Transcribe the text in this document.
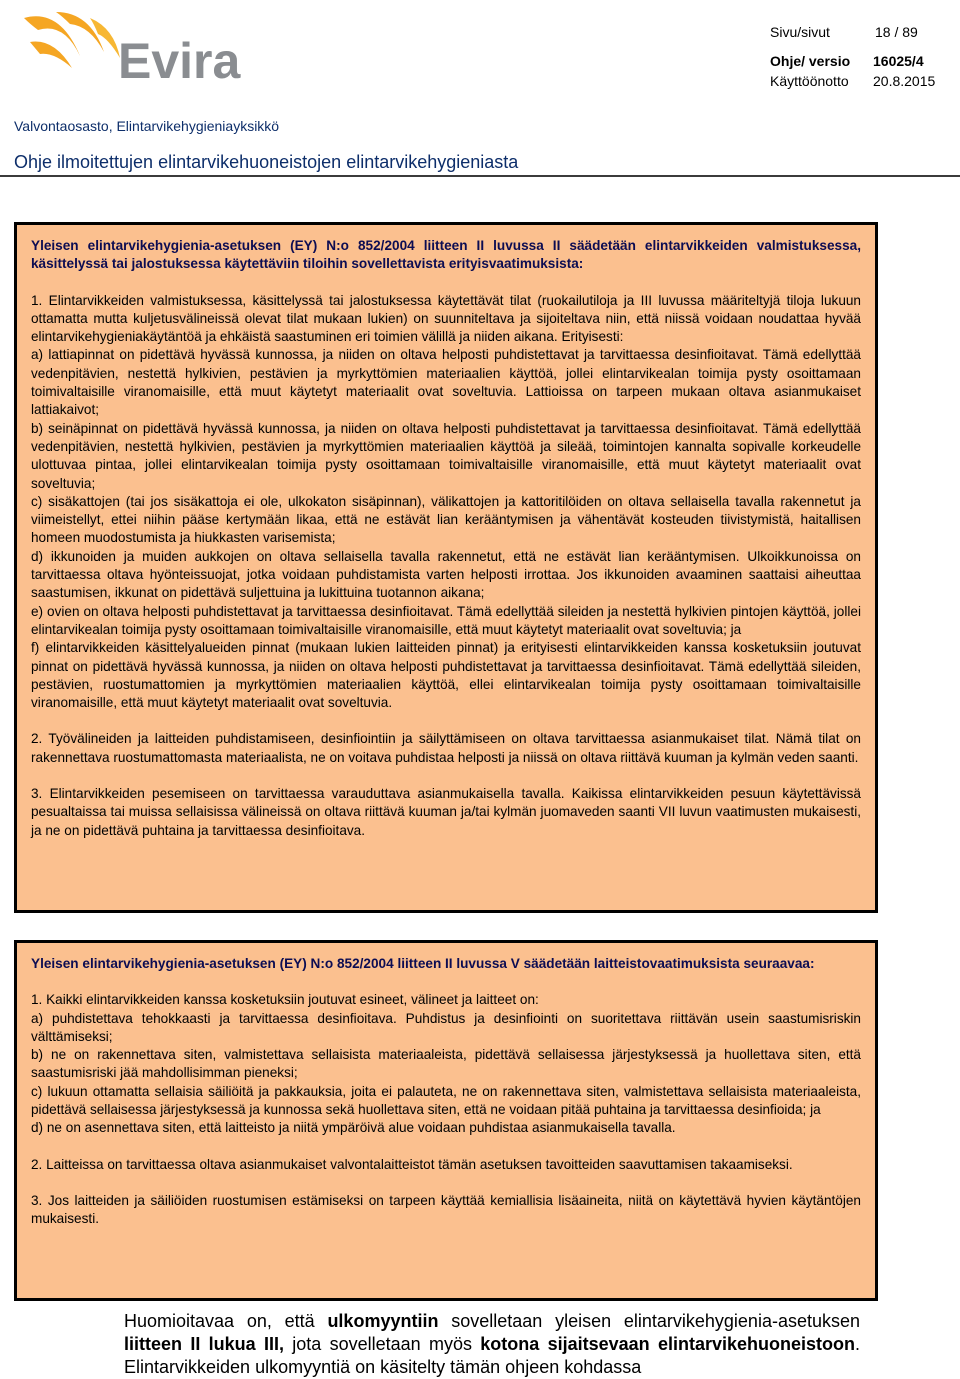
Evira
Sivu/sivut	18 / 89
Ohje/ versio	16025/4
Käyttöönotto	20.8.2015
Valvontaosasto, Elintarvikehygieniayksikkö
Ohje ilmoitettujen elintarvikehuoneistojen elintarvikehygieniasta
Yleisen elintarvikehygienia-asetuksen (EY) N:o 852/2004 liitteen II luvussa II säädetään elintarvikkeiden valmistuksessa, käsittelyssä tai jalostuksessa käytettäviin tiloihin sovellettavista erityisvaatimuksista:

1. Elintarvikkeiden valmistuksessa, käsittelyssä tai jalostuksessa käytettävät tilat (ruokailutiloja ja III luvussa määriteltyjä tiloja lukuun ottamatta mutta kuljetusvälineissä olevat tilat mukaan lukien) on suunniteltava ja sijoiteltava niin, että niissä voidaan noudattaa hyvää elintarvikehygieniakäytäntöä ja ehkäistä saastuminen eri toimien välillä ja niiden aikana. Erityisesti:

a) lattiapinnat on pidettävä hyvässä kunnossa, ja niiden on oltava helposti puhdistettavat ja tarvittaessa desinfioitavat. Tämä edellyttää vedenpitävien, nestettä hylkivien, pestävien ja myrkyttömien materiaalien käyttöä, jollei elintarvikealan toimija pysty osoittamaan toimivaltaisille viranomaisille, että muut käytetyt materiaalit ovat soveltuvia. Lattioissa on tarpeen mukaan oltava asianmukaiset lattiakaivot;

b) seinäpinnat on pidettävä hyvässä kunnossa, ja niiden on oltava helposti puhdistettavat ja tarvittaessa desinfioitavat. Tämä edellyttää vedenpitävien, nestettä hylkivien, pestävien ja myrkyttömien materiaalien käyttöä ja sileää, toimintojen kannalta sopivalle korkeudelle ulottuvaa pintaa, jollei elintarvikealan toimija pysty osoittamaan toimivaltaisille viranomaisille, että muut käytetyt materiaalit ovat soveltuvia;

c) sisäkattojen (tai jos sisäkattoja ei ole, ulkokaton sisäpinnan), välikattojen ja kattoritilöiden on oltava sellaisella tavalla rakennetut ja viimeistellyt, ettei niihin pääse kertymään likaa, että ne estävät lian kerääntymisen ja vähentävät kosteuden tiivistymistä, haitallisen homeen muodostumista ja hiukkasten varisemista;

d) ikkunoiden ja muiden aukkojen on oltava sellaisella tavalla rakennetut, että ne estävät lian kerääntymisen. Ulkoikkunoissa on tarvittaessa oltava hyönteissuojat, jotka voidaan puhdistamista varten helposti irrottaa. Jos ikkunoiden avaaminen saattaisi aiheuttaa saastumisen, ikkunat on pidettävä suljettuina ja lukittuina tuotannon aikana;

e) ovien on oltava helposti puhdistettavat ja tarvittaessa desinfioitavat. Tämä edellyttää sileiden ja nestettä hylkivien pintojen käyttöä, jollei elintarvikealan toimija pysty osoittamaan toimivaltaisille viranomaisille, että muut käytetyt materiaalit ovat soveltuvia; ja

f) elintarvikkeiden käsittelyalueiden pinnat (mukaan lukien laitteiden pinnat) ja erityisesti elintarvikkeiden kanssa kosketuksiin joutuvat pinnat on pidettävä hyvässä kunnossa, ja niiden on oltava helposti puhdistettavat ja tarvittaessa desinfioitavat. Tämä edellyttää sileiden, pestävien, ruostumattomien ja myrkyttömien materiaalien käyttöä, ellei elintarvikealan toimija pysty osoittamaan toimivaltaisille viranomaisille, että muut käytetyt materiaalit ovat soveltuvia.

2. Työvälineiden ja laitteiden puhdistamiseen, desinfiointiin ja säilyttämiseen on oltava tarvittaessa asianmukaiset tilat. Nämä tilat on rakennettava ruostumattomasta materiaalista, ne on voitava puhdistaa helposti ja niissä on oltava riittävä kuuman ja kylmän veden saanti.

3. Elintarvikkeiden pesemiseen on tarvittaessa varauduttava asianmukaisella tavalla. Kaikissa elintarvikkeiden pesuun käytettävissä pesualtaissa tai muissa sellaisissa välineissä on oltava riittävä kuuman ja/tai kylmän juomaveden saanti VII luvun vaatimusten mukaisesti, ja ne on pidettävä puhtaina ja tarvittaessa desinfioitava.

Yleisen elintarvikehygienia-asetuksen (EY) N:o 852/2004 liitteen II luvussa V säädetään laitteistovaatimuksista seuraavaa:

1. Kaikki elintarvikkeiden kanssa kosketuksiin joutuvat esineet, välineet ja laitteet on:

a) puhdistettava tehokkaasti ja tarvittaessa desinfioitava. Puhdistus ja desinfiointi on suoritettava riittävän usein saastumisriskin välttämiseksi;

b) ne on rakennettava siten, valmistettava sellaisista materiaaleista, pidettävä sellaisessa järjestyksessä ja huollettava siten, että saastumisriski jää mahdollisimman pieneksi;

c) lukuun ottamatta sellaisia säiliöitä ja pakkauksia, joita ei palauteta, ne on rakennettava siten, valmistettava sellaisista materiaaleista, pidettävä sellaisessa järjestyksessä ja kunnossa sekä huollettava siten, että ne voidaan pitää puhtaina ja tarvittaessa desinfioida; ja

d) ne on asennettava siten, että laitteisto ja niitä ympäröivä alue voidaan puhdistaa asianmukaisella tavalla.

2. Laitteissa on tarvittaessa oltava asianmukaiset valvontalaitteistot tämän asetuksen tavoitteiden saavuttamisen takaamiseksi.

3. Jos laitteiden ja säiliöiden ruostumisen estämiseksi on tarpeen käyttää kemiallisia lisäaineita, niitä on käytettävä hyvien käytäntöjen mukaisesti.

Huomioitavaa on, että ulkomyyntiin sovelletaan yleisen elintarvikehygienia-asetuksen liitteen II lukua III, jota sovelletaan myös kotona sijaitsevaan elintarvikehuoneistoon. Elintarvikkeiden ulkomyyntiä on käsitelty tämän ohjeen kohdassa
